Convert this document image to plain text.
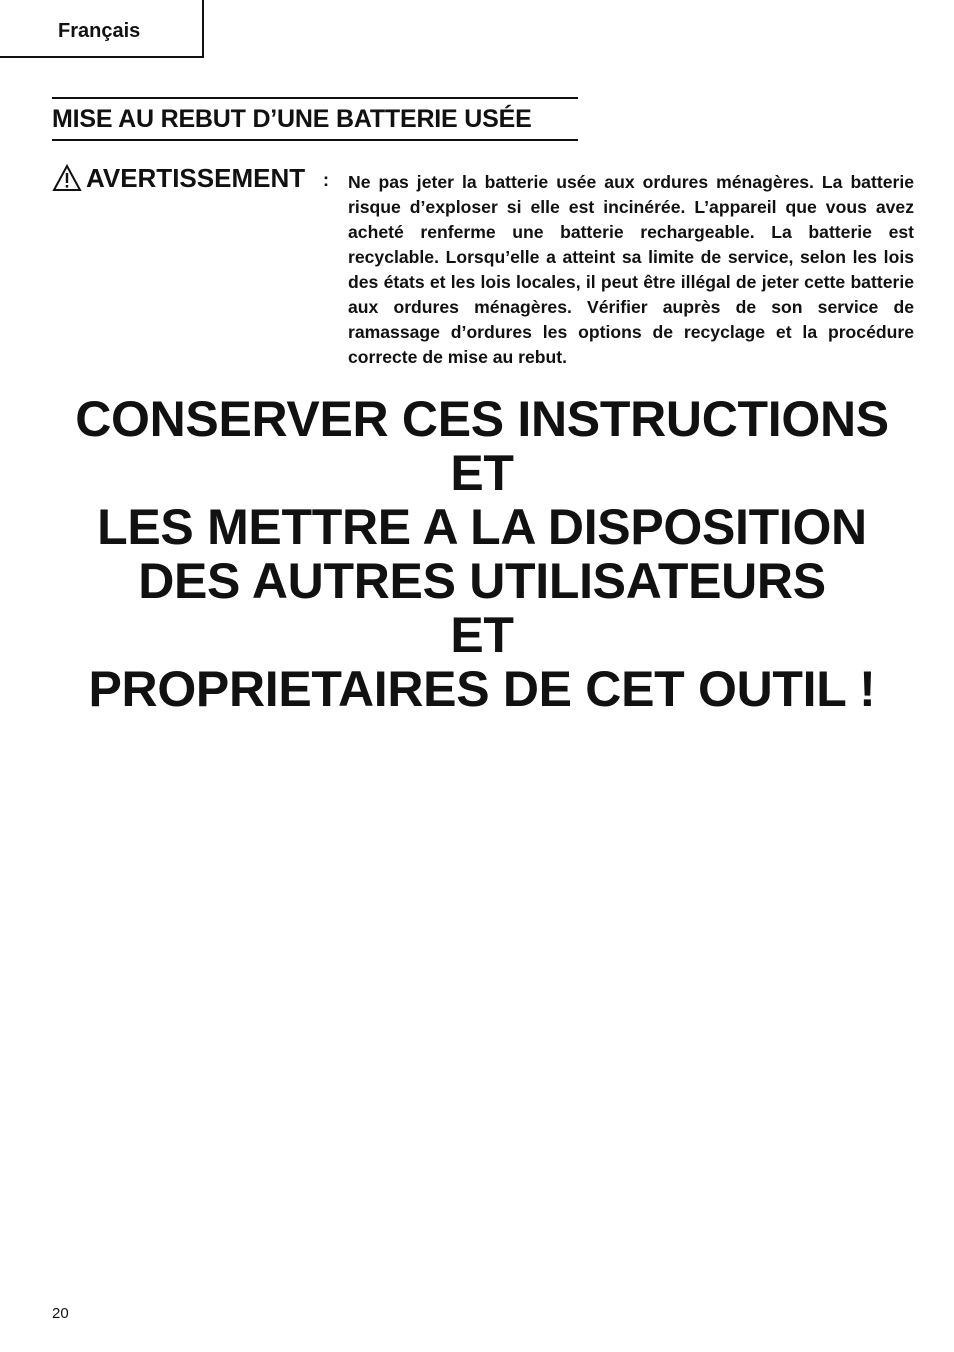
Français
MISE AU REBUT D’UNE BATTERIE USÉE
AVERTISSEMENT : Ne pas jeter la batterie usée aux ordures ménagères. La batterie risque d’exploser si elle est incinérée. L’appareil que vous avez acheté renferme une batterie rechargeable. La batterie est recyclable. Lorsqu’elle a atteint sa limite de service, selon les lois des états et les lois locales, il peut être illégal de jeter cette batterie aux ordures ménagères. Vérifier auprès de son service de ramassage d’ordures les options de recyclage et la procédure correcte de mise au rebut.
CONSERVER CES INSTRUCTIONS
ET
LES METTRE A LA DISPOSITION
DES AUTRES UTILISATEURS
ET
PROPRIETAIRES DE CET OUTIL !
20
